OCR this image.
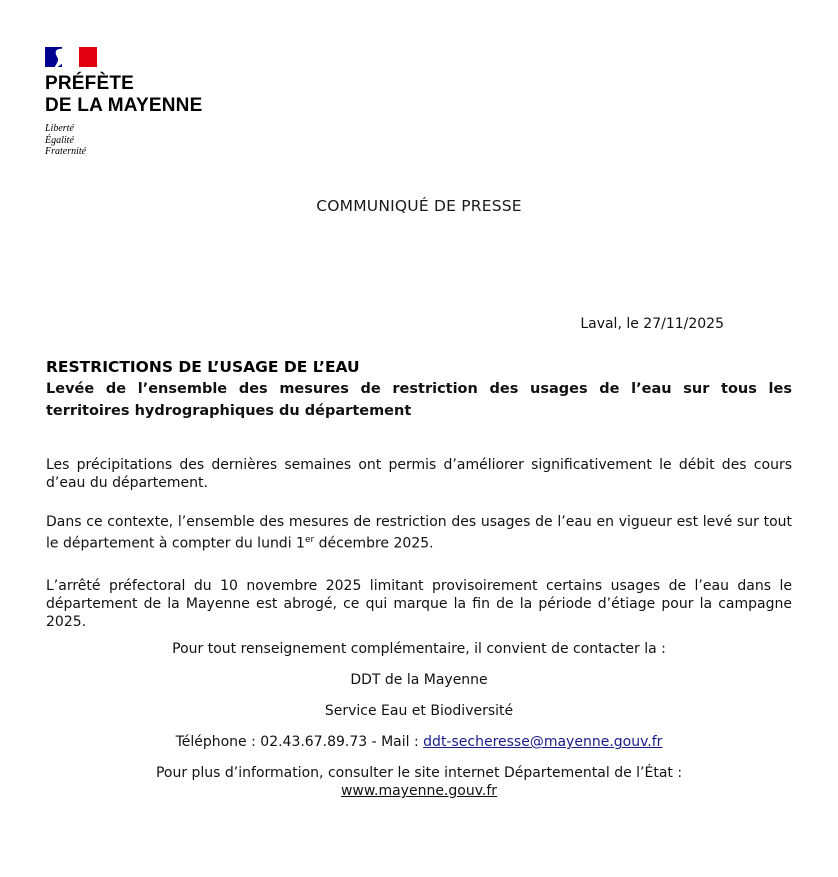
PRÉFÈTE
DE LA MAYENNE
Liberté
Égalité
Fraternité
COMMUNIQUÉ DE PRESSE
Laval, le 27/11/2025
RESTRICTIONS DE L’USAGE DE L’EAU

Levée de l’ensemble des mesures de restriction des usages de l’eau sur tous les territoires hydrographiques du département

Les précipitations des dernières semaines ont permis d’améliorer significativement le débit des cours d’eau du département.

Dans ce contexte, l’ensemble des mesures de restriction des usages de l’eau en vigueur est levé sur tout le département à compter du lundi 1er décembre 2025.

L’arrêté préfectoral du 10 novembre 2025 limitant provisoirement certains usages de l’eau dans le département de la Mayenne est abrogé, ce qui marque la fin de la période d’étiage pour la campagne 2025.

Pour tout renseignement complémentaire, il convient de contacter la :
DDT de la Mayenne
Service Eau et Biodiversité
Téléphone : 02.43.67.89.73 - Mail : ddt-secheresse@mayenne.gouv.fr
Pour plus d’information, consulter le site internet Départemental de l’État :
www.mayenne.gouv.fr
